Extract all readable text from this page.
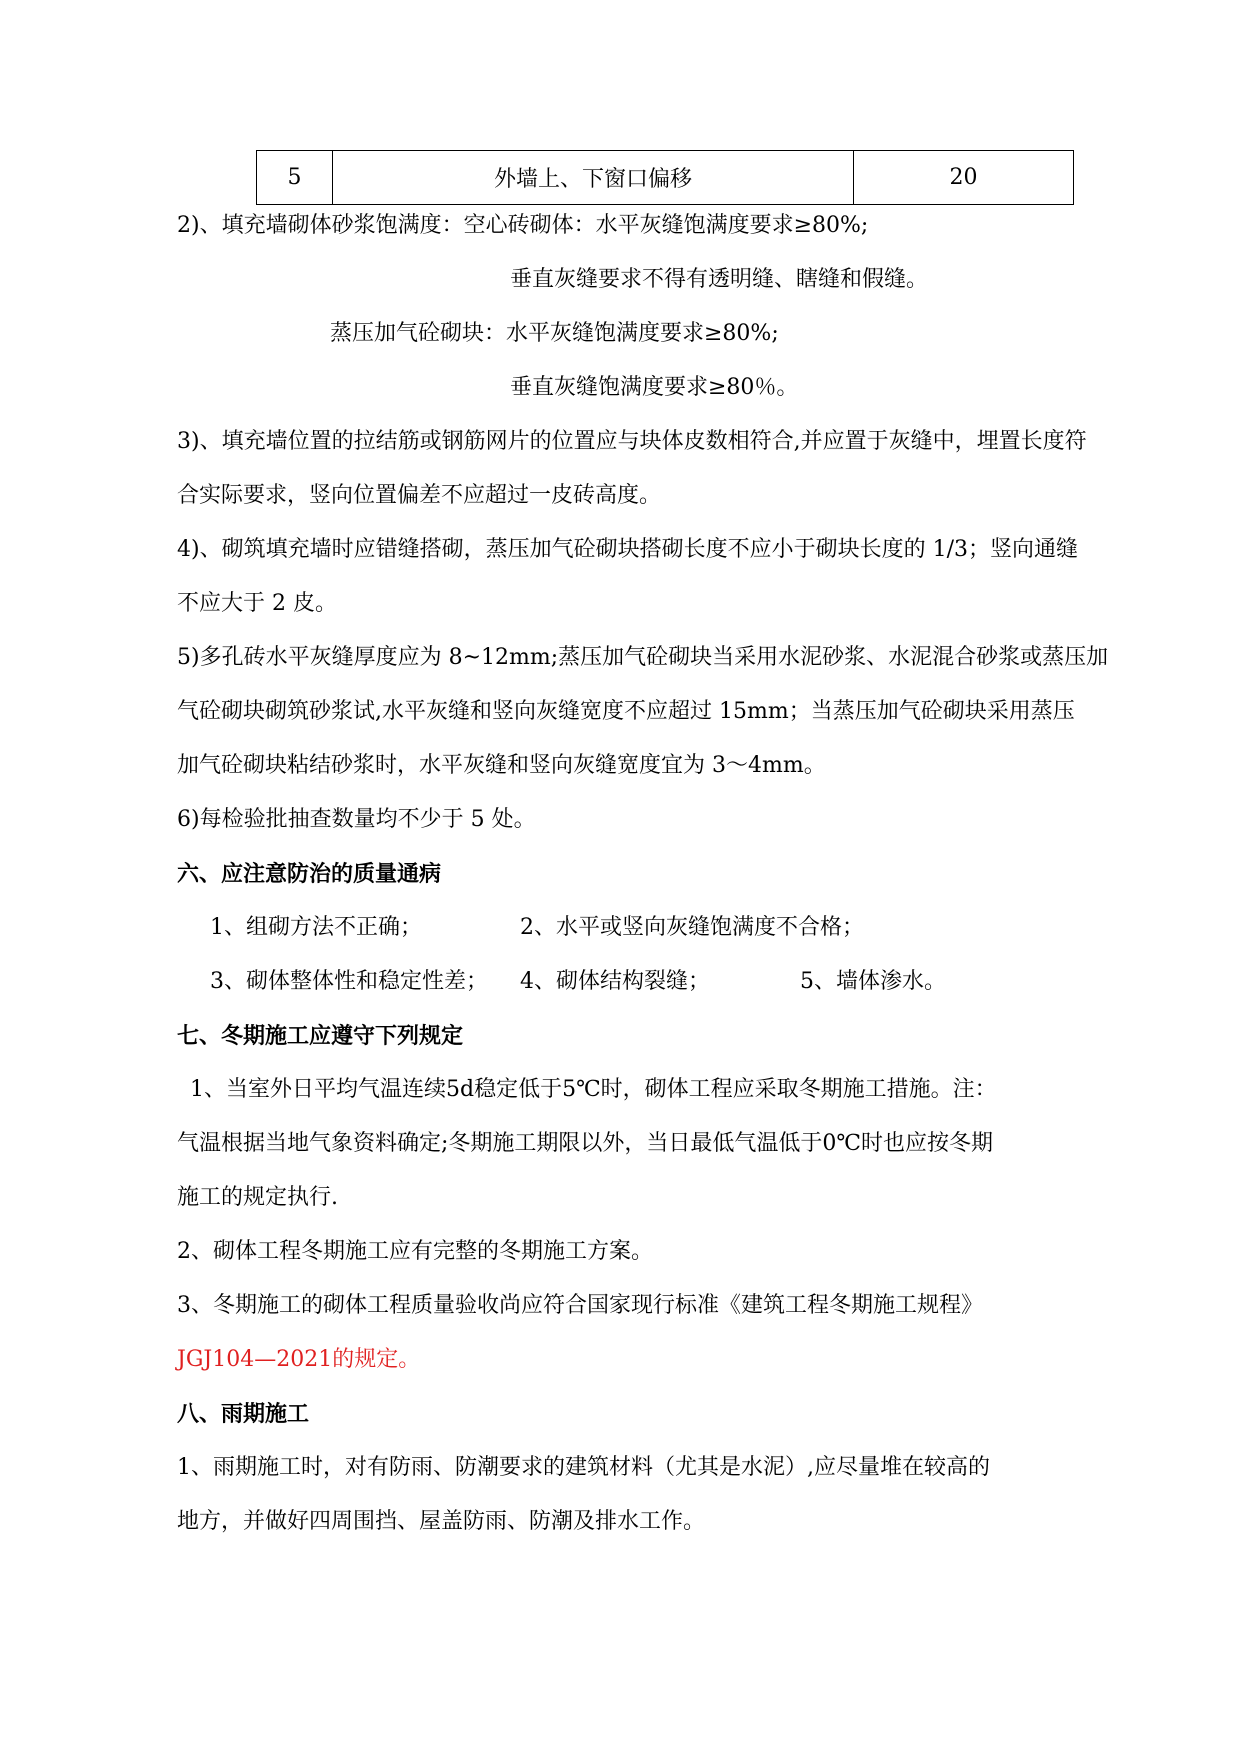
5	外墙上、下窗口偏移	20
2)、填充墙砌体砂浆饱满度：空心砖砌体：水平灰缝饱满度要求≥80%;
垂直灰缝要求不得有透明缝、瞎缝和假缝。
蒸压加气砼砌块：水平灰缝饱满度要求≥80%;
垂直灰缝饱满度要求≥80％。
3)、填充墙位置的拉结筋或钢筋网片的位置应与块体皮数相符合,并应置于灰缝中，埋置长度符
合实际要求，竖向位置偏差不应超过一皮砖高度。
4)、砌筑填充墙时应错缝搭砌，蒸压加气砼砌块搭砌长度不应小于砌块长度的 1/3；竖向通缝
不应大于 2 皮。
5)多孔砖水平灰缝厚度应为 8~12mm;蒸压加气砼砌块当采用水泥砂浆、水泥混合砂浆或蒸压加
气砼砌块砌筑砂浆试,水平灰缝和竖向灰缝宽度不应超过 15mm；当蒸压加气砼砌块采用蒸压
加气砼砌块粘结砂浆时，水平灰缝和竖向灰缝宽度宜为 3～4mm。
6)每检验批抽查数量均不少于 5 处。
六、应注意防治的质量通病
1、组砌方法不正确；	2、水平或竖向灰缝饱满度不合格；
3、砌体整体性和稳定性差； 4、砌体结构裂缝；	5、墙体渗水。
七、冬期施工应遵守下列规定
1、当室外日平均气温连续5d稳定低于5℃时，砌体工程应采取冬期施工措施。注：
气温根据当地气象资料确定;冬期施工期限以外，当日最低气温低于0℃时也应按冬期
施工的规定执行.
2、砌体工程冬期施工应有完整的冬期施工方案。
3、冬期施工的砌体工程质量验收尚应符合国家现行标准《建筑工程冬期施工规程》
JGJ104—2021的规定。
八、雨期施工
1、雨期施工时，对有防雨、防潮要求的建筑材料（尤其是水泥）,应尽量堆在较高的
地方，并做好四周围挡、屋盖防雨、防潮及排水工作。
